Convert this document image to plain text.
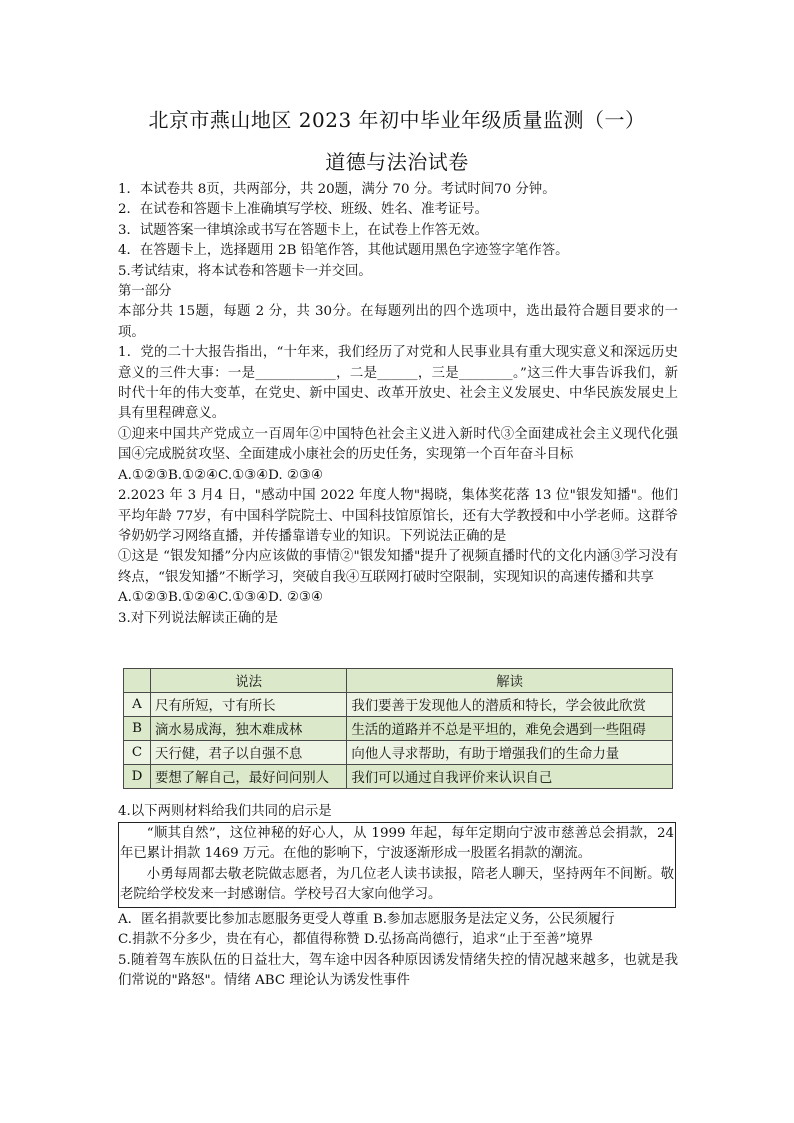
北京市燕山地区 2023 年初中毕业年级质量监测（一）
道德与法治试卷

1．本试卷共 8页，共两部分，共 20题，满分 70 分。考试时间70 分钟。

2．在试卷和答题卡上准确填写学校、班级、姓名、准考证号。

3．试题答案一律填涂或书写在答题卡上，在试卷上作答无效。

4．在答题卡上，选择题用 2B 铅笔作答，其他试题用黑色字迹签字笔作答。

5.考试结束，将本试卷和答题卡一并交回。

第一部分

本部分共 15题，每题 2 分，共 30分。在每题列出的四个选项中，选出最符合题目要求的一项。

1．党的二十大报告指出，“十年来，我们经历了对党和人民事业具有重大现实意义和深远历史意义的三件大事：一是____________，二是______，三是________。”这三件大事告诉我们，新时代十年的伟大变革，在党史、新中国史、改革开放史、社会主义发展史、中华民族发展史上具有里程碑意义。

①迎来中国共产党成立一百周年②中国特色社会主义进入新时代③全面建成社会主义现代化强国④完成脱贫攻坚、全面建成小康社会的历史任务，实现第一个百年奋斗目标

A.①②③B.①②④C.①③④D. ②③④

2.2023 年 3 月4 日，"感动中国 2022 年度人物"揭晓，集体奖花落 13 位"银发知播"。他们平均年龄 77岁，有中国科学院院士、中国科技馆原馆长，还有大学教授和中小学老师。这群爷爷奶奶学习网络直播，并传播靠谱专业的知识。下列说法正确的是

①这是 “银发知播”分内应该做的事情②"银发知播"提升了视频直播时代的文化内涵③学习没有终点，“银发知播”不断学习，突破自我④互联网打破时空限制，实现知识的高速传播和共享

A.①②③B.①②④C.①③④D. ②③④

3.对下列说法解读正确的是

	说法	解读
A	尺有所短，寸有所长	我们要善于发现他人的潜质和特长，学会彼此欣赏
B	滴水易成海，独木难成林	生活的道路并不总是平坦的，难免会遇到一些阻碍
C	天行健，君子以自强不息	向他人寻求帮助，有助于增强我们的生命力量
D	要想了解自己，最好问问别人	我们可以通过自我评价来认识自己
4.以下两则材料给我们共同的启示是

“顺其自然”，这位神秘的好心人，从 1999 年起，每年定期向宁波市慈善总会捐款，24 年已累计捐款 1469 万元。在他的影响下，宁波逐渐形成一股匿名捐款的潮流。

小勇每周都去敬老院做志愿者，为几位老人读书读报，陪老人聊天，坚持两年不间断。敬老院给学校发来一封感谢信。学校号召大家向他学习。

A．匿名捐款要比参加志愿服务更受人尊重 B.参加志愿服务是法定义务，公民须履行

C.捐款不分多少，贵在有心，都值得称赞 D.弘扬高尚德行，追求“止于至善”境界

5.随着驾车族队伍的日益壮大，驾车途中因各种原因诱发情绪失控的情况越来越多，也就是我们常说的"路怒"。情绪 ABC 理论认为诱发性事件
